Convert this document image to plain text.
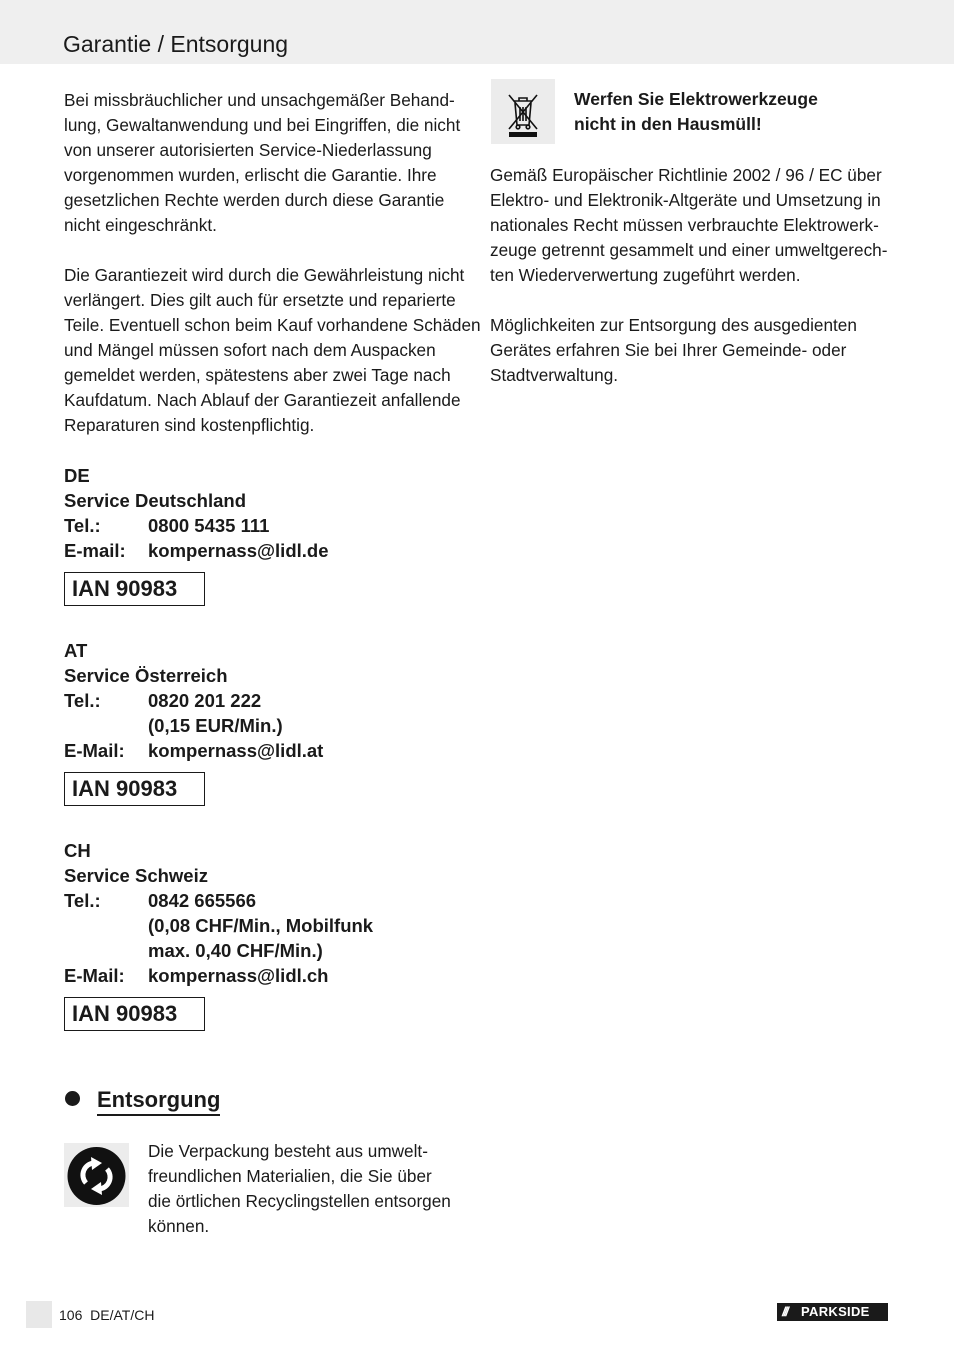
Garantie / Entsorgung
Bei missbräuchlicher und unsachgemäßer Behand-
lung, Gewaltanwendung und bei Eingriffen, die nicht
von unserer autorisierten Service-Niederlassung
vorgenommen wurden, erlischt die Garantie. Ihre
gesetzlichen Rechte werden durch diese Garantie
nicht eingeschränkt.
Die Garantiezeit wird durch die Gewährleistung nicht
verlängert. Dies gilt auch für ersetzte und reparierte
Teile. Eventuell schon beim Kauf vorhandene Schäden
und Mängel müssen sofort nach dem Auspacken
gemeldet werden, spätestens aber zwei Tage nach
Kaufdatum. Nach Ablauf der Garantiezeit anfallende
Reparaturen sind kostenpflichtig.
DE
Service Deutschland
Tel.:	0800 5435 111
E-mail: kompernass@lidl.de
IAN 90983
AT
Service Österreich
Tel.:	0820 201 222
(0,15 EUR/Min.)
E-Mail: kompernass@lidl.at
IAN 90983
CH
Service Schweiz
Tel.:	0842 665566
(0,08 CHF/Min., Mobilfunk
max. 0,40 CHF/Min.)
E-Mail: kompernass@lidl.ch
IAN 90983
Entsorgung
Die Verpackung besteht aus umwelt-
freundlichen Materialien, die Sie über
die örtlichen Recyclingstellen entsorgen
können.
Werfen Sie Elektrowerkzeuge
nicht in den Hausmüll!
Gemäß Europäischer Richtlinie 2002 / 96 / EC über
Elektro- und Elektronik-Altgeräte und Umsetzung in
nationales Recht müssen verbrauchte Elektrowerk-
zeuge getrennt gesammelt und einer umweltgerech-
ten Wiederverwertung zugeführt werden.
Möglichkeiten zur Entsorgung des ausgedienten
Gerätes erfahren Sie bei Ihrer Gemeinde- oder
Stadtverwaltung.
106 DE/AT/CH	/// PARKSIDE
